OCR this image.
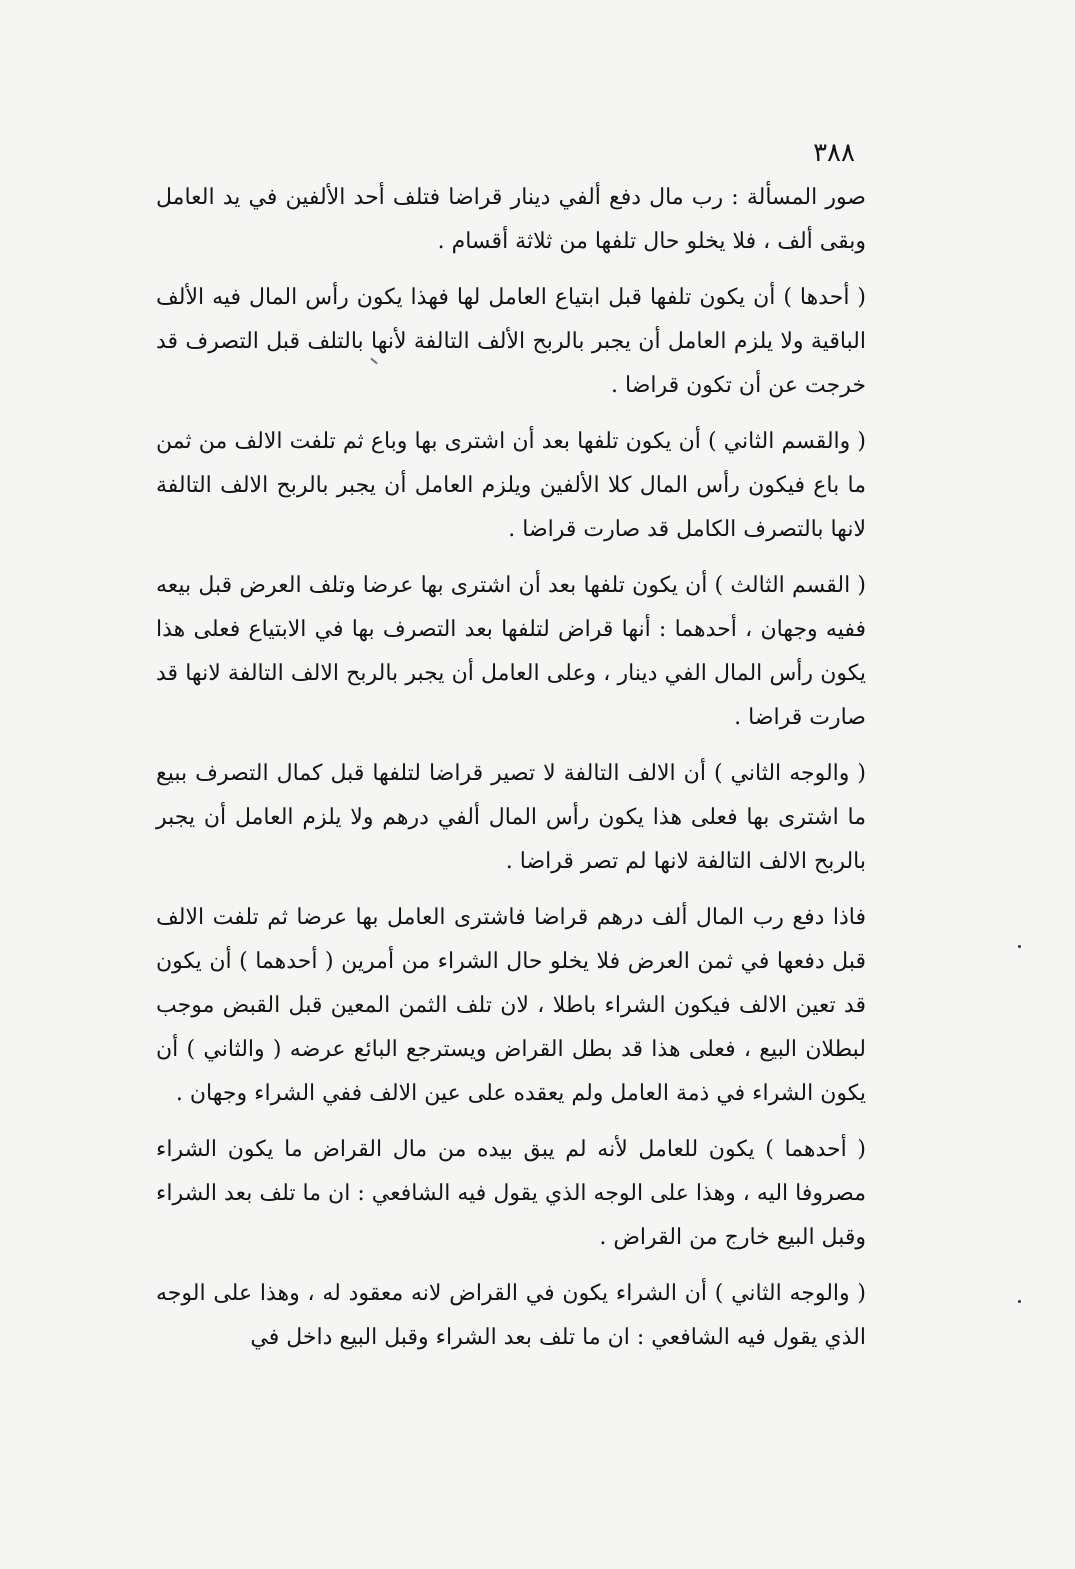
٣٨٨

صور المسألة : رب مال دفع ألفي دينار قراضا فتلف أحد الألفين في يد العامل وبقى ألف ، فلا يخلو حال تلفها من ثلاثة أقسام .

( أحدها ) أن يكون تلفها قبل ابتياع العامل لها فهذا يكون رأس المال فيه الألف الباقية ولا يلزم العامل أن يجبر بالربح الألف التالفة لأنها بالتلف قبل التصرف قد خرجت عن أن تكون قراضا .

( والقسم الثاني ) أن يكون تلفها بعد أن اشترى بها وباع ثم تلفت الالف من ثمن ما باع فيكون رأس المال كلا الألفين ويلزم العامل أن يجبر بالربح الالف التالفة لانها بالتصرف الكامل قد صارت قراضا .

( القسم الثالث ) أن يكون تلفها بعد أن اشترى بها عرضا وتلف العرض قبل بيعه ففيه وجهان ، أحدهما : أنها قراض لتلفها بعد التصرف بها في الابتياع فعلى هذا يكون رأس المال الفي دينار ، وعلى العامل أن يجبر بالربح الالف التالفة لانها قد صارت قراضا .

( والوجه الثاني ) أن الالف التالفة لا تصير قراضا لتلفها قبل كمال التصرف ببيع ما اشترى بها فعلى هذا يكون رأس المال ألفي درهم ولا يلزم العامل أن يجبر بالربح الالف التالفة لانها لم تصر قراضا .

فاذا دفع رب المال ألف درهم قراضا فاشترى العامل بها عرضا ثم تلفت الالف قبل دفعها في ثمن العرض فلا يخلو حال الشراء من أمرين ( أحدهما ) أن يكون قد تعين الالف فيكون الشراء باطلا ، لان تلف الثمن المعين قبل القبض موجب لبطلان البيع ، فعلى هذا قد بطل القراض ويسترجع البائع عرضه ( والثاني ) أن يكون الشراء في ذمة العامل ولم يعقده على عين الالف ففي الشراء وجهان .

( أحدهما ) يكون للعامل لأنه لم يبق بيده من مال القراض ما يكون الشراء مصروفا اليه ، وهذا على الوجه الذي يقول فيه الشافعي : ان ما تلف بعد الشراء وقبل البيع خارج من القراض .

( والوجه الثاني ) أن الشراء يكون في القراض لانه معقود له ، وهذا على الوجه الذي يقول فيه الشافعي : ان ما تلف بعد الشراء وقبل البيع داخل في
